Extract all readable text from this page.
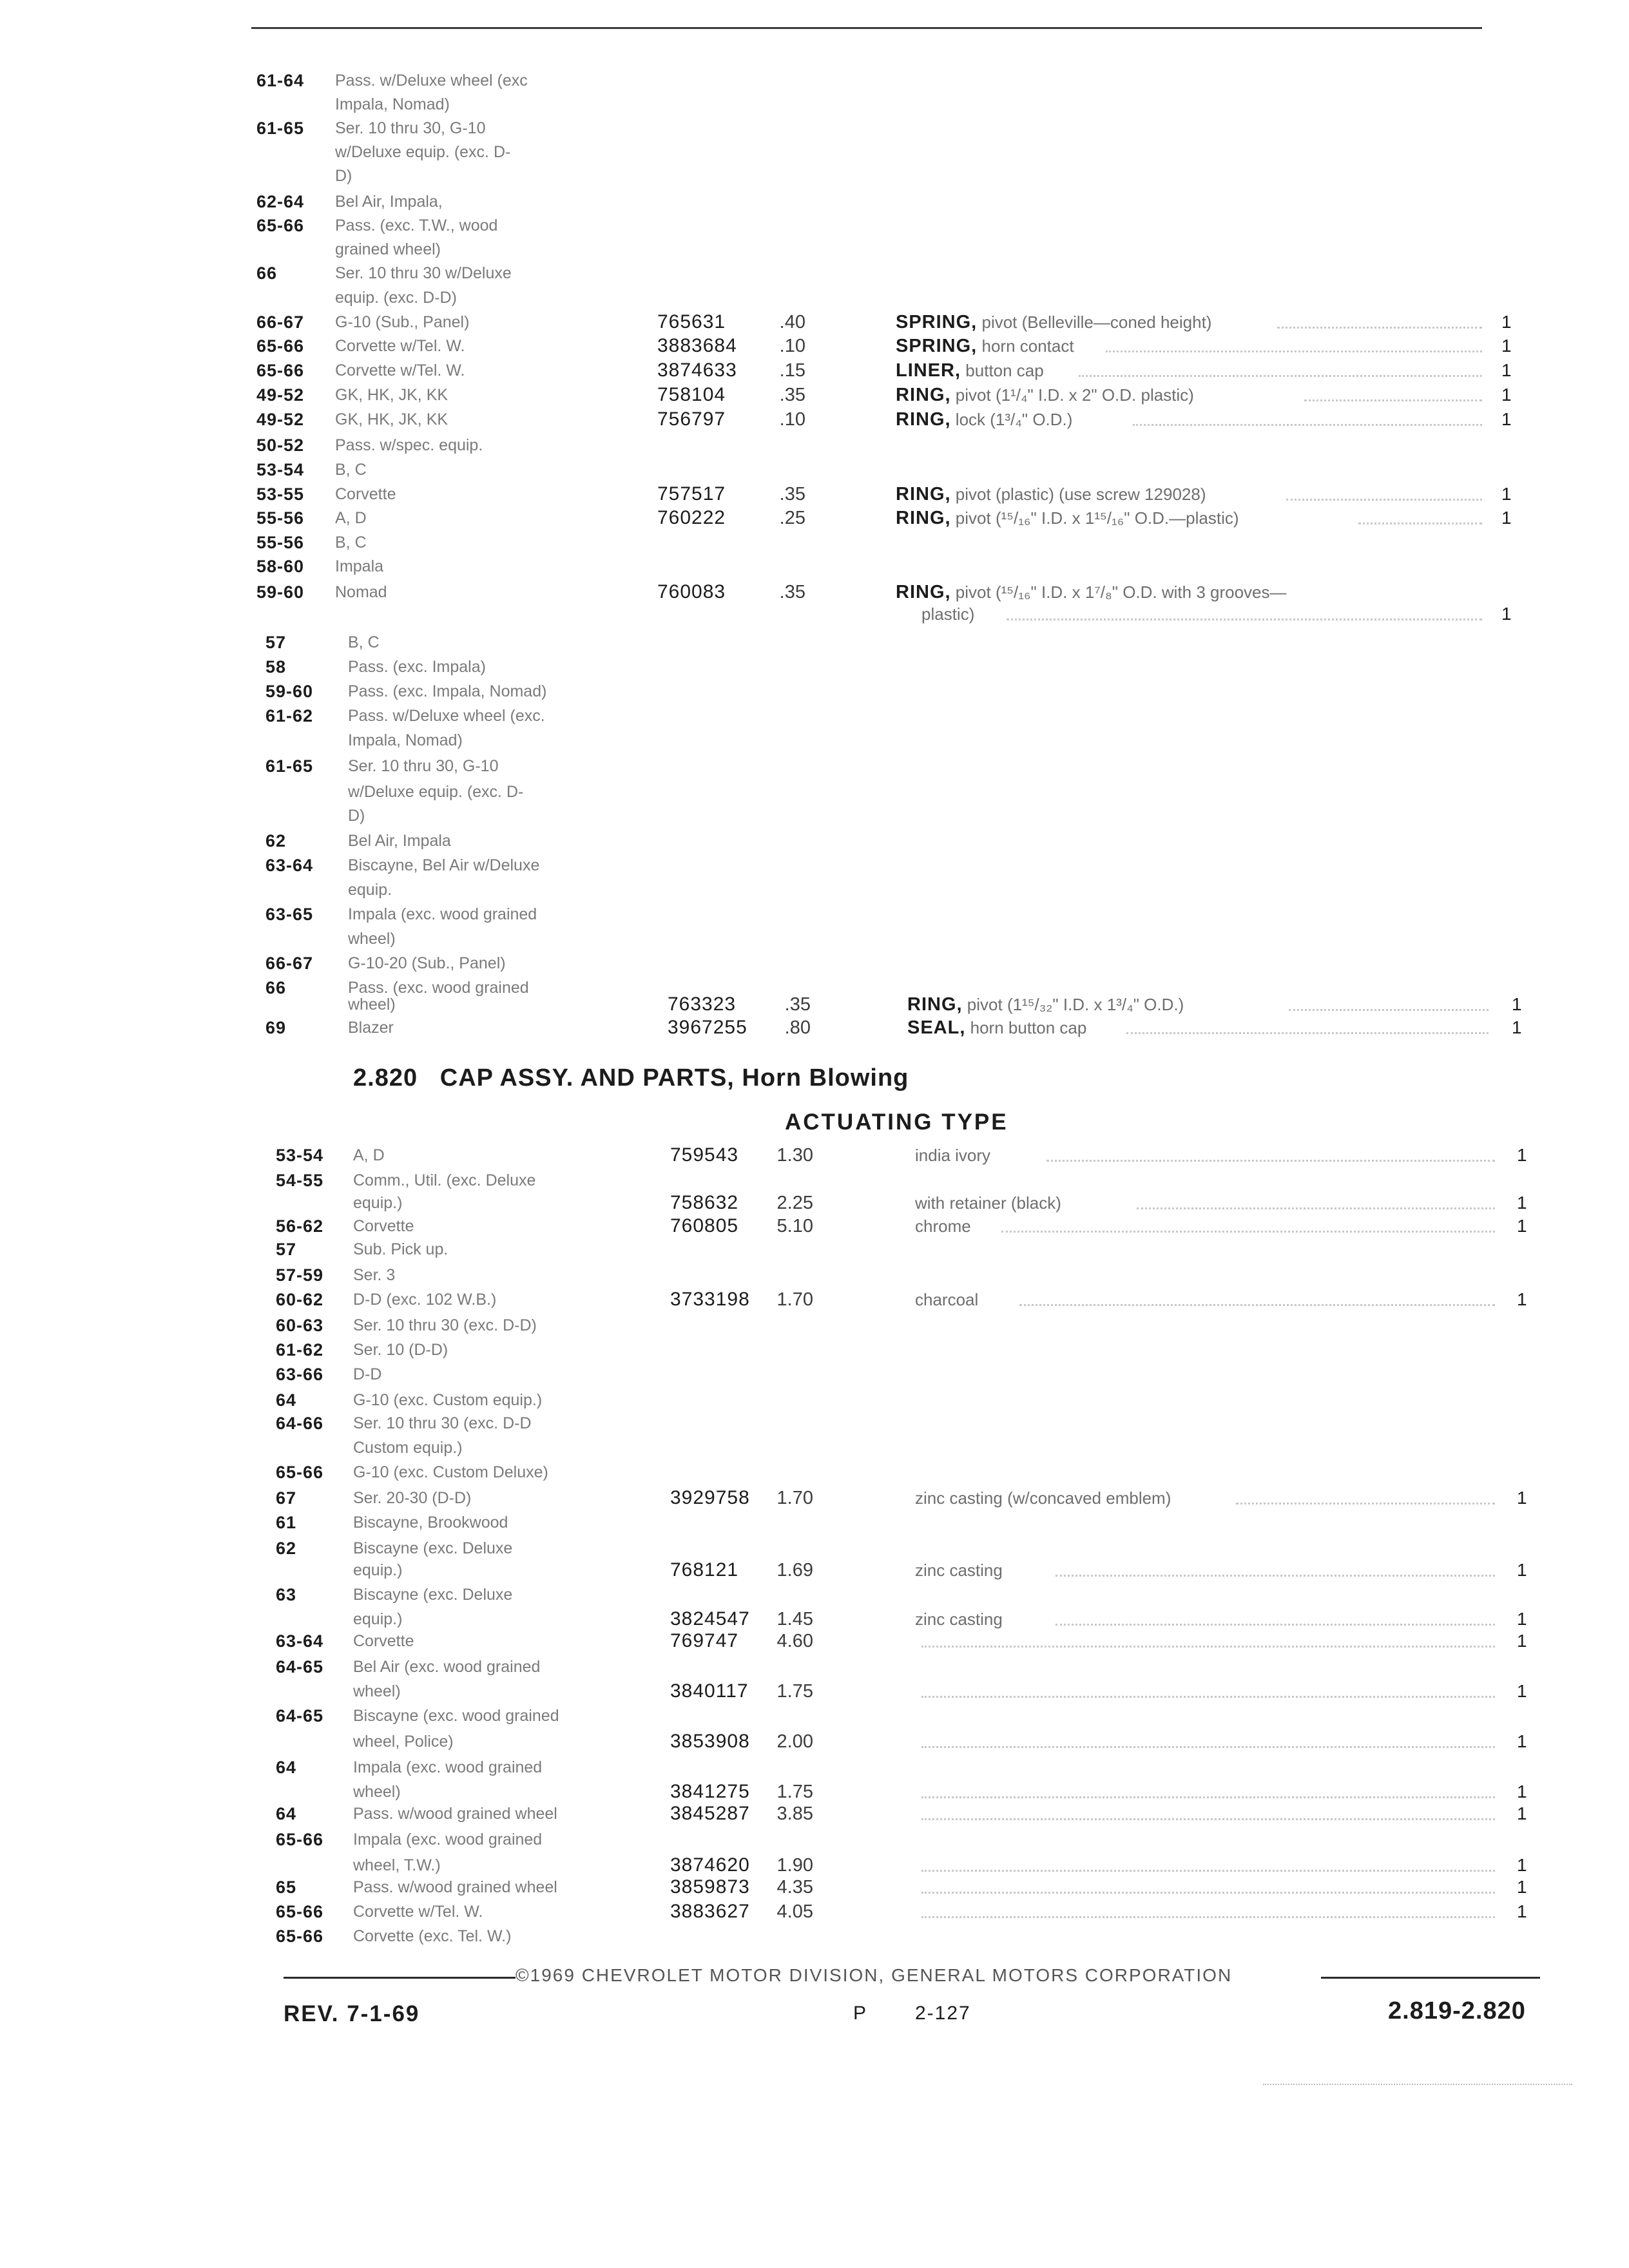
61-64 Pass. w/Deluxe wheel (exc
Impala, Nomad)
61-65 Ser. 10 thru 30, G-10
w/Deluxe equip. (exc. D-
D)
62-64 Bel Air, Impala,
65-66 Pass. (exc. T.W., wood
grained wheel)
66	Ser. 10 thru 30 w/Deluxe
equip. (exc. D-D)
66-67 G-10 (Sub., Panel)	765631	.40	SPRING, pivot (Belleville—coned height)	1
65-66 Corvette w/Tel. W.	3883684	.10	SPRING, horn contact	1
65-66 Corvette w/Tel. W.	3874633	.15	LINER, button cap	1
49-52 GK, HK, JK, KK	758104	.35	RING, pivot (1¹/₄" I.D. x 2" O.D. plastic)	1
49-52 GK, HK, JK, KK	756797	.10	RING, lock (1³/₄" O.D.)	1
50-52 Pass. w/spec. equip.
53-54 B, C
53-55 Corvette	757517	.35	RING, pivot (plastic) (use screw 129028)	1
55-56 A, D	760222	.25	RING, pivot (¹⁵/₁₆" I.D. x 1¹⁵/₁₆" O.D.—plastic)	1
55-56 B, C
58-60 Impala
59-60 Nomad	760083	.35	RING, pivot (¹⁵/₁₆" I.D. x 1⁷/₈" O.D. with 3 grooves—
plastic)	1
57	B, C
58	Pass. (exc. Impala)
59-60 Pass. (exc. Impala, Nomad)
61-62 Pass. w/Deluxe wheel (exc.
Impala, Nomad)
61-65 Ser. 10 thru 30, G-10
w/Deluxe equip. (exc. D-
D)
62	Bel Air, Impala
63-64 Biscayne, Bel Air w/Deluxe
equip.
63-65 Impala (exc. wood grained
wheel)
66-67 G-10-20 (Sub., Panel)
66	Pass. (exc. wood grained
wheel)	763323	.35	RING, pivot (1¹⁵/₃₂" I.D. x 1³/₄" O.D.)	1
69	Blazer	3967255	.80	SEAL, horn button cap	1
2.820 CAP ASSY. AND PARTS, Horn Blowing
ACTUATING TYPE
53-54 A, D	759543	1.30	india ivory	1
54-55 Comm., Util. (exc. Deluxe
equip.)	758632	2.25	with retainer (black)	1
56-62 Corvette	760805	5.10	chrome	1
57	Sub. Pick up.
57-59 Ser. 3
60-62 D-D (exc. 102 W.B.)	3733198	1.70	charcoal	1
60-63 Ser. 10 thru 30 (exc. D-D)
61-62 Ser. 10 (D-D)
63-66 D-D
64	G-10 (exc. Custom equip.)
64-66 Ser. 10 thru 30 (exc. D-D
Custom equip.)
65-66 G-10 (exc. Custom Deluxe)
67	Ser. 20-30 (D-D)	3929758	1.70	zinc casting (w/concaved emblem)	1
61	Biscayne, Brookwood
62	Biscayne (exc. Deluxe
equip.)	768121	1.69	zinc casting	1
63	Biscayne (exc. Deluxe
equip.)	3824547	1.45	zinc casting	1
63-64 Corvette	769747	4.60	1
64-65 Bel Air (exc. wood grained
wheel)	3840117	1.75	1
64-65 Biscayne (exc. wood grained
wheel, Police)	3853908	2.00	1
64	Impala (exc. wood grained
wheel)	3841275	1.75	1
64	Pass. w/wood grained wheel	3845287	3.85	1
65-66 Impala (exc. wood grained
wheel, T.W.)	3874620	1.90	1
65	Pass. w/wood grained wheel	3859873	4.35	1
65-66 Corvette w/Tel. W.	3883627	4.05	1
65-66 Corvette (exc. Tel. W.)
©1969 CHEVROLET MOTOR DIVISION, GENERAL MOTORS CORPORATION
REV. 7-1-69	P 2-127	2.819-2.820
